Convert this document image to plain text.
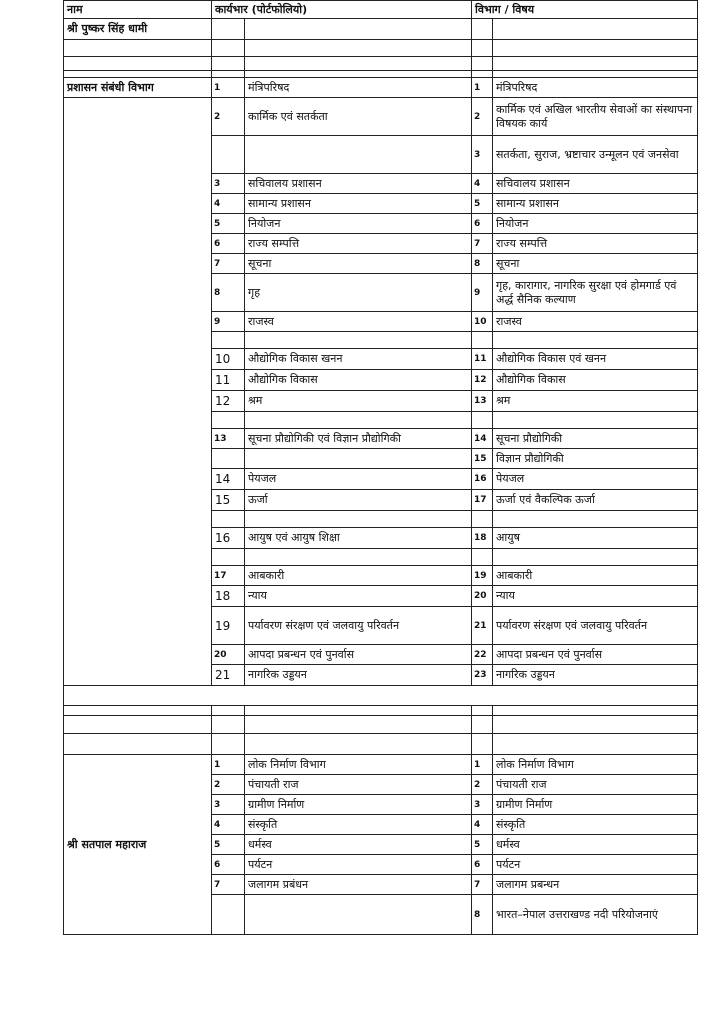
नाम	कार्यभार (पोर्टफोलियो)		विभाग / विषय	
श्री पुष्कर सिंह धामी				

प्रशासन संबंधी विभाग	1	मंत्रिपरिषद	1	मंत्रिपरिषद
	2	कार्मिक एवं सतर्कता	2	कार्मिक एवं अखिल भारतीय सेवाओं का संस्थापना विषयक कार्य
			3	सतर्कता, सुराज, भ्रष्टाचार उन्मूलन एवं जनसेवा
	3	सचिवालय प्रशासन	4	सचिवालय प्रशासन
	4	सामान्य प्रशासन	5	सामान्य प्रशासन
	5	नियोजन	6	नियोजन
	6	राज्य सम्पत्ति	7	राज्य सम्पत्ति
	7	सूचना	8	सूचना
	8	गृह	9	गृह, कारागार, नागरिक सुरक्षा एवं होमगार्ड एवं अर्द्ध सैनिक कल्याण
	9	राजस्व	10	राजस्व

	10	औद्योगिक विकास खनन	11	औद्योगिक विकास एवं खनन
	11	औद्योगिक विकास	12	औद्योगिक विकास
	12	श्रम	13	श्रम

	13	सूचना प्रौद्योगिकी एवं विज्ञान प्रौद्योगिकी	14	सूचना प्रौद्योगिकी
			15	विज्ञान प्रौद्योगिकी
	14	पेयजल	16	पेयजल
	15	ऊर्जा	17	ऊर्जा एवं वैकल्पिक ऊर्जा

	16	आयुष एवं आयुष शिक्षा	18	आयुष

	17	आबकारी	19	आबकारी
	18	न्याय	20	न्याय
	19	पर्यावरण संरक्षण एवं जलवायु परिवर्तन	21	पर्यावरण संरक्षण एवं जलवायु परिवर्तन
	20	आपदा प्रबन्धन एवं पुनर्वास	22	आपदा प्रबन्धन एवं पुनर्वास
	21	नागरिक उड्डयन	23	नागरिक उड्डयन

श्री सतपाल महाराज	1	लोक निर्माण विभाग	1	लोक निर्माण विभाग
	2	पंचायती राज	2	पंचायती राज
	3	ग्रामीण निर्माण	3	ग्रामीण निर्माण
	4	संस्कृति	4	संस्कृति
	5	धर्मस्व	5	धर्मस्व
	6	पर्यटन	6	पर्यटन
	7	जलागम प्रबंधन	7	जलागम प्रबन्धन
			8	भारत–नेपाल उत्तराखण्ड नदी परियोजनाएं
